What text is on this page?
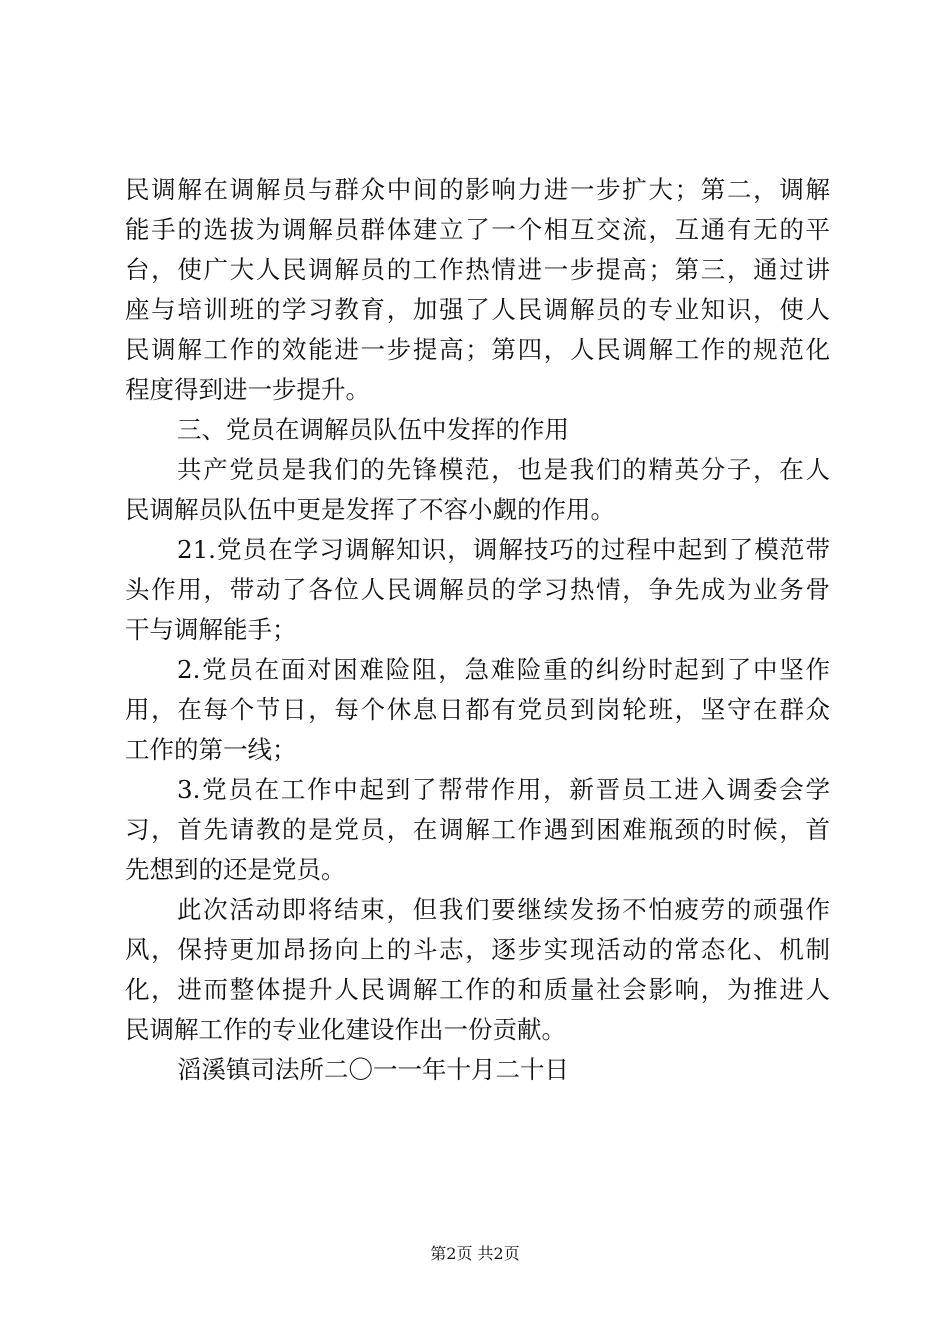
民调解在调解员与群众中间的影响力进一步扩大；第二，调解
能手的选拔为调解员群体建立了一个相互交流，互通有无的平
台，使广大人民调解员的工作热情进一步提高；第三，通过讲
座与培训班的学习教育，加强了人民调解员的专业知识，使人
民调解工作的效能进一步提高；第四，人民调解工作的规范化
程度得到进一步提升。
三、党员在调解员队伍中发挥的作用
共产党员是我们的先锋模范，也是我们的精英分子，在人
民调解员队伍中更是发挥了不容小觑的作用。
21.党员在学习调解知识，调解技巧的过程中起到了模范带
头作用，带动了各位人民调解员的学习热情，争先成为业务骨
干与调解能手；
2.党员在面对困难险阻，急难险重的纠纷时起到了中坚作
用，在每个节日，每个休息日都有党员到岗轮班，坚守在群众
工作的第一线；
3.党员在工作中起到了帮带作用，新晋员工进入调委会学
习，首先请教的是党员，在调解工作遇到困难瓶颈的时候，首
先想到的还是党员。
此次活动即将结束，但我们要继续发扬不怕疲劳的顽强作
风，保持更加昂扬向上的斗志，逐步实现活动的常态化、机制
化，进而整体提升人民调解工作的和质量社会影响，为推进人
民调解工作的专业化建设作出一份贡献。
滔溪镇司法所二〇一一年十月二十日
第2页 共2页
